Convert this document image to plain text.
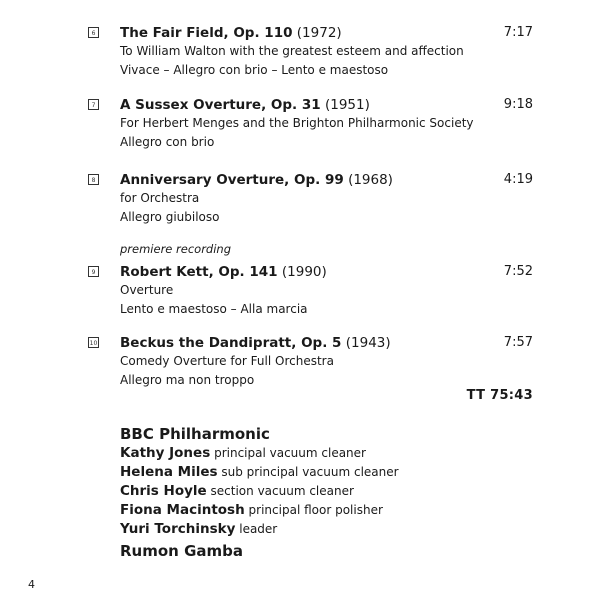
6 The Fair Field, Op. 110 (1972)	7:17
To William Walton with the greatest esteem and affection
Vivace – Allegro con brio – Lento e maestoso
7 A Sussex Overture, Op. 31 (1951)	9:18
For Herbert Menges and the Brighton Philharmonic Society
Allegro con brio
8 Anniversary Overture, Op. 99 (1968)	4:19
for Orchestra
Allegro giubiloso
premiere recording
9 Robert Kett, Op. 141 (1990)	7:52
Overture
Lento e maestoso – Alla marcia
10 Beckus the Dandipratt, Op. 5 (1943)	7:57
Comedy Overture for Full Orchestra
Allegro ma non troppo
TT 75:43
BBC Philharmonic
Kathy Jones principal vacuum cleaner
Helena Miles sub principal vacuum cleaner
Chris Hoyle section vacuum cleaner
Fiona Macintosh principal floor polisher
Yuri Torchinsky leader
Rumon Gamba
4
